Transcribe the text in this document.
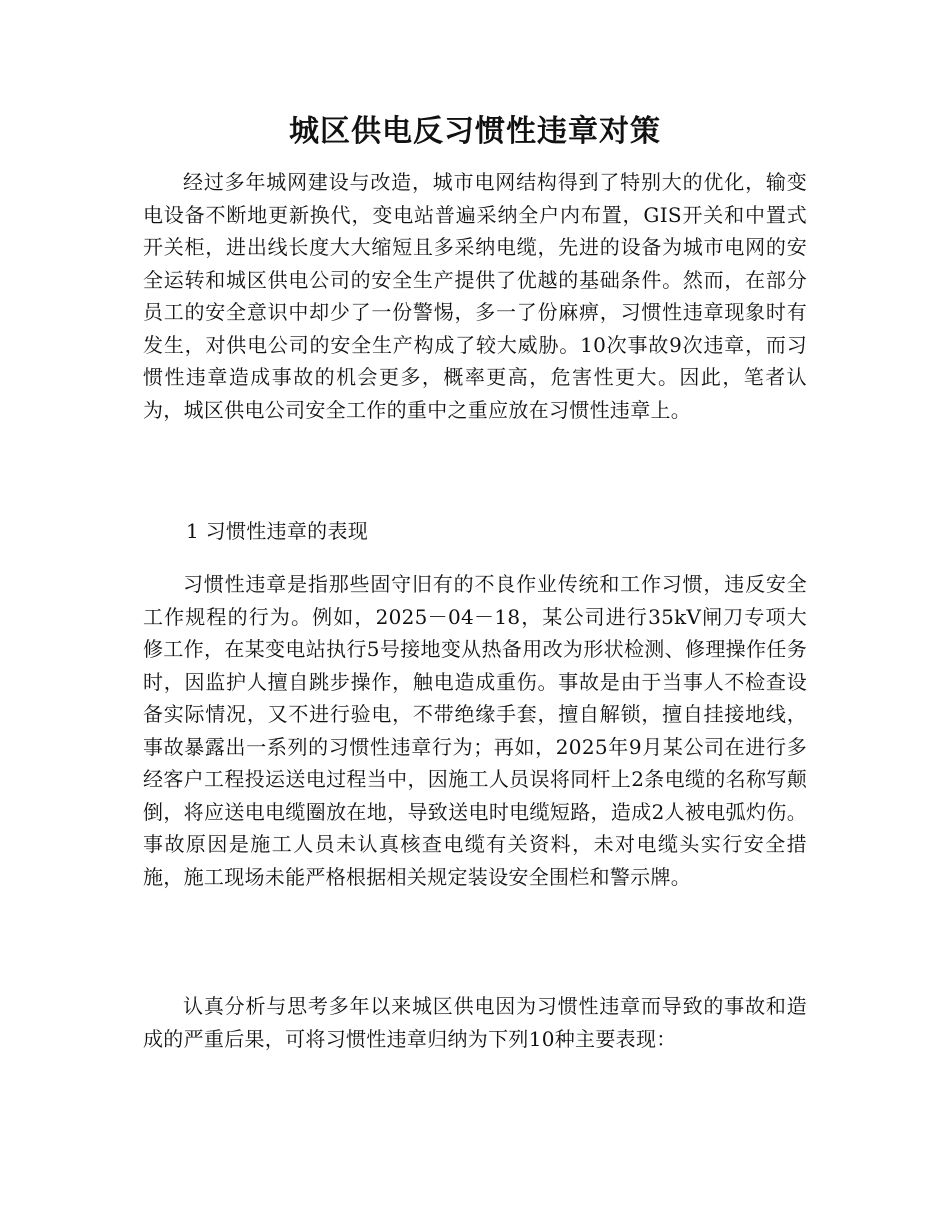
城区供电反习惯性违章对策

经过多年城网建设与改造，城市电网结构得到了特别大的优化，输变电设备不断地更新换代，变电站普遍采纳全户内布置，GIS开关和中置式开关柜，进出线长度大大缩短且多采纳电缆，先进的设备为城市电网的安全运转和城区供电公司的安全生产提供了优越的基础条件。然而，在部分员工的安全意识中却少了一份警惕，多一了份麻痹，习惯性违章现象时有发生，对供电公司的安全生产构成了较大威胁。10次事故9次违章，而习惯性违章造成事故的机会更多，概率更高，危害性更大。因此，笔者认为，城区供电公司安全工作的重中之重应放在习惯性违章上。

1 习惯性违章的表现

习惯性违章是指那些固守旧有的不良作业传统和工作习惯，违反安全工作规程的行为。例如，2025－04－18，某公司进行35kV闸刀专项大修工作，在某变电站执行5号接地变从热备用改为形状检测、修理操作任务时，因监护人擅自跳步操作，触电造成重伤。事故是由于当事人不检查设备实际情况，又不进行验电，不带绝缘手套，擅自解锁，擅自挂接地线，事故暴露出一系列的习惯性违章行为；再如，2025年9月某公司在进行多经客户工程投运送电过程当中，因施工人员误将同杆上2条电缆的名称写颠倒，将应送电电缆圈放在地，导致送电时电缆短路，造成2人被电弧灼伤。事故原因是施工人员未认真核查电缆有关资料，未对电缆头实行安全措施，施工现场未能严格根据相关规定装设安全围栏和警示牌。

认真分析与思考多年以来城区供电因为习惯性违章而导致的事故和造成的严重后果，可将习惯性违章归纳为下列10种主要表现：
